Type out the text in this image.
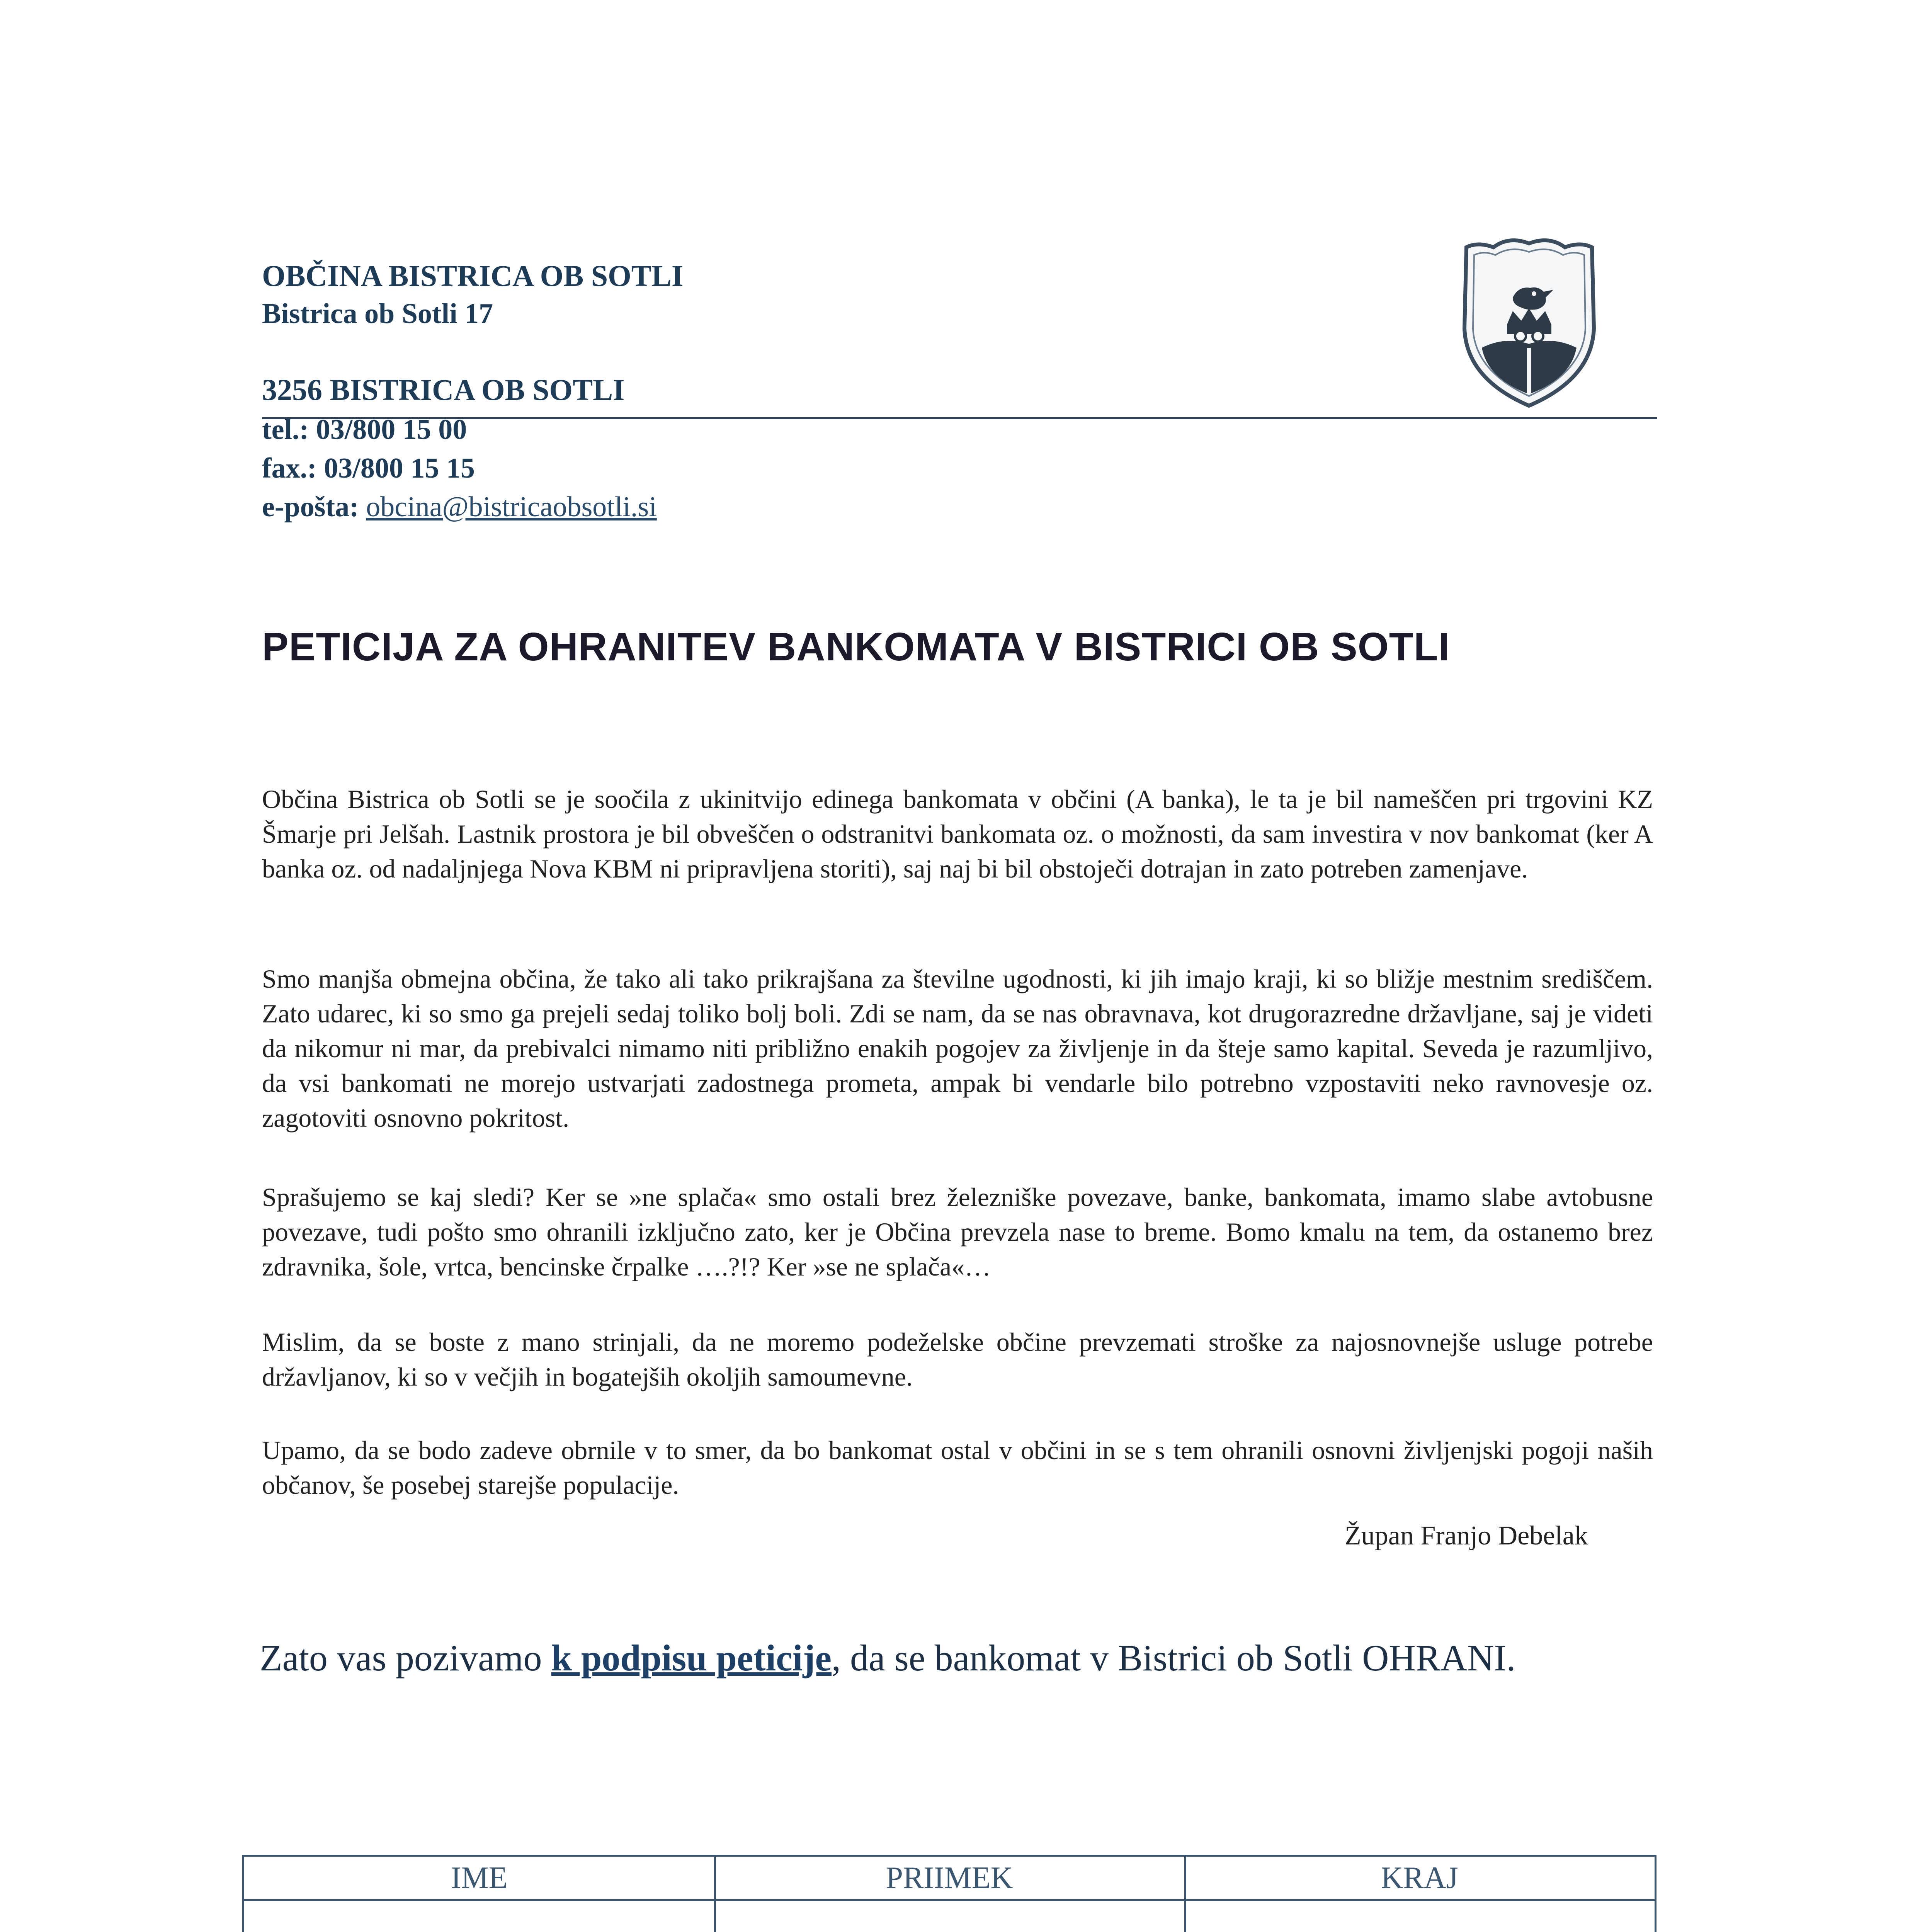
OBČINA BISTRICA OB SOTLI
Bistrica ob Sotli 17
3256 BISTRICA OB SOTLI
tel.: 03/800 15 00
fax.: 03/800 15 15
e-pošta: obcina@bistricaobsotli.si
PETICIJA ZA OHRANITEV BANKOMATA V BISTRICI OB SOTLI

Občina Bistrica ob Sotli se je soočila z ukinitvijo edinega bankomata v občini (A banka), le ta je bil nameščen pri trgovini KZ Šmarje pri Jelšah. Lastnik prostora je bil obveščen o odstranitvi bankomata oz. o možnosti, da sam investira v nov bankomat (ker A banka oz. od nadaljnjega Nova KBM ni pripravljena storiti), saj naj bi bil obstoječi dotrajan in zato potreben zamenjave.

Smo manjša obmejna občina, že tako ali tako prikrajšana za številne ugodnosti, ki jih imajo kraji, ki so bližje mestnim središčem. Zato udarec, ki so smo ga prejeli sedaj toliko bolj boli. Zdi se nam, da se nas obravnava, kot drugorazredne državljane, saj je videti da nikomur ni mar, da prebivalci nimamo niti približno enakih pogojev za življenje in da šteje samo kapital. Seveda je razumljivo, da vsi bankomati ne morejo ustvarjati zadostnega prometa, ampak bi vendarle bilo potrebno vzpostaviti neko ravnovesje oz. zagotoviti osnovno pokritost.

Sprašujemo se kaj sledi? Ker se »ne splača« smo ostali brez železniške povezave, banke, bankomata, imamo slabe avtobusne povezave, tudi pošto smo ohranili izključno zato, ker je Občina prevzela nase to breme. Bomo kmalu na tem, da ostanemo brez zdravnika, šole, vrtca, bencinske črpalke ….?!? Ker »se ne splača«…

Mislim, da se boste z mano strinjali, da ne moremo podeželske občine prevzemati stroške za najosnovnejše usluge potrebe državljanov, ki so v večjih in bogatejših okoljih samoumevne.

Upamo, da se bodo zadeve obrnile v to smer, da bo bankomat ostal v občini in se s tem ohranili osnovni življenjski pogoji naših občanov, še posebej starejše populacije.

Župan Franjo Debelak
Zato vas pozivamo k podpisu peticije, da se bankomat v Bistrici ob Sotli OHRANI.
IME	PRIIMEK	KRAJ
